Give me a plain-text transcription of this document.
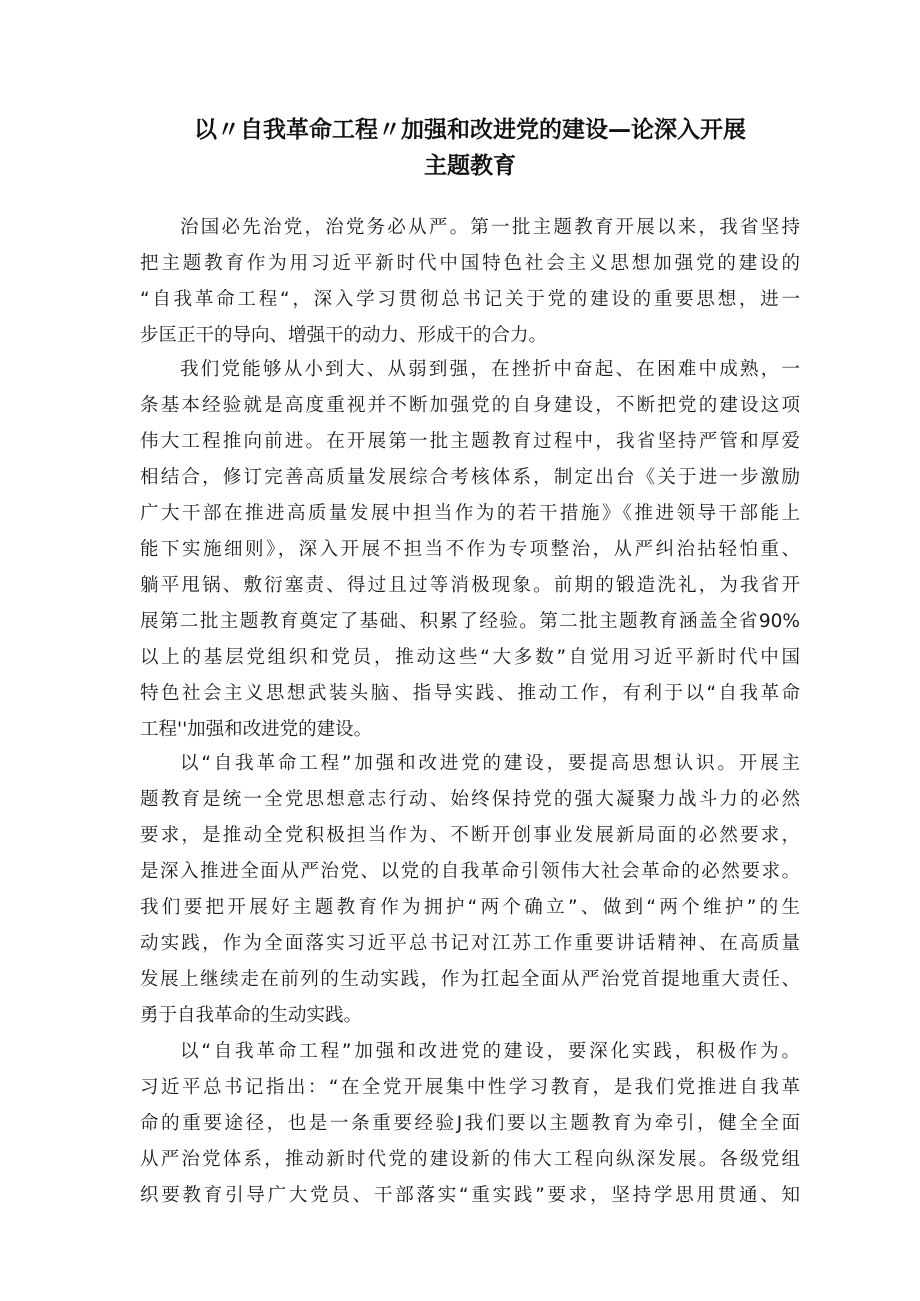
以〃自我革命工程〃加强和改进党的建设—论深入开展
主题教育
治国必先治党，治党务必从严。第一批主题教育开展以来，我省坚持
把主题教育作为用习近平新时代中国特色社会主义思想加强党的建设的
“自我革命工程“，深入学习贯彻总书记关于党的建设的重要思想，进一
步匡正干的导向、增强干的动力、形成干的合力。
我们党能够从小到大、从弱到强，在挫折中奋起、在困难中成熟，一
条基本经验就是高度重视并不断加强党的自身建设，不断把党的建设这项
伟大工程推向前进。在开展第一批主题教育过程中，我省坚持严管和厚爱
相结合，修订完善高质量发展综合考核体系，制定出台《关于进一步激励
广大干部在推进高质量发展中担当作为的若干措施》《推进领导干部能上
能下实施细则》，深入开展不担当不作为专项整治，从严纠治拈轻怕重、
躺平甩锅、敷衍塞责、得过且过等消极现象。前期的锻造洗礼，为我省开
展第二批主题教育奠定了基础、积累了经验。第二批主题教育涵盖全省90%
以上的基层党组织和党员，推动这些“大多数”自觉用习近平新时代中国
特色社会主义思想武装头脑、指导实践、推动工作，有利于以“自我革命
工程''加强和改进党的建设。
以“自我革命工程”加强和改进党的建设，要提高思想认识。开展主
题教育是统一全党思想意志行动、始终保持党的强大凝聚力战斗力的必然
要求，是推动全党积极担当作为、不断开创事业发展新局面的必然要求，
是深入推进全面从严治党、以党的自我革命引领伟大社会革命的必然要求。
我们要把开展好主题教育作为拥护“两个确立”、做到“两个维护”的生
动实践，作为全面落实习近平总书记对江苏工作重要讲话精神、在高质量
发展上继续走在前列的生动实践，作为扛起全面从严治党首提地重大责任、
勇于自我革命的生动实践。
以“自我革命工程”加强和改进党的建设，要深化实践，积极作为。
习近平总书记指出：“在全党开展集中性学习教育，是我们党推进自我革
命的重要途径，也是一条重要经验J我们要以主题教育为牵引，健全全面
从严治党体系，推动新时代党的建设新的伟大工程向纵深发展。各级党组
织要教育引导广大党员、干部落实“重实践”要求，坚持学思用贯通、知
